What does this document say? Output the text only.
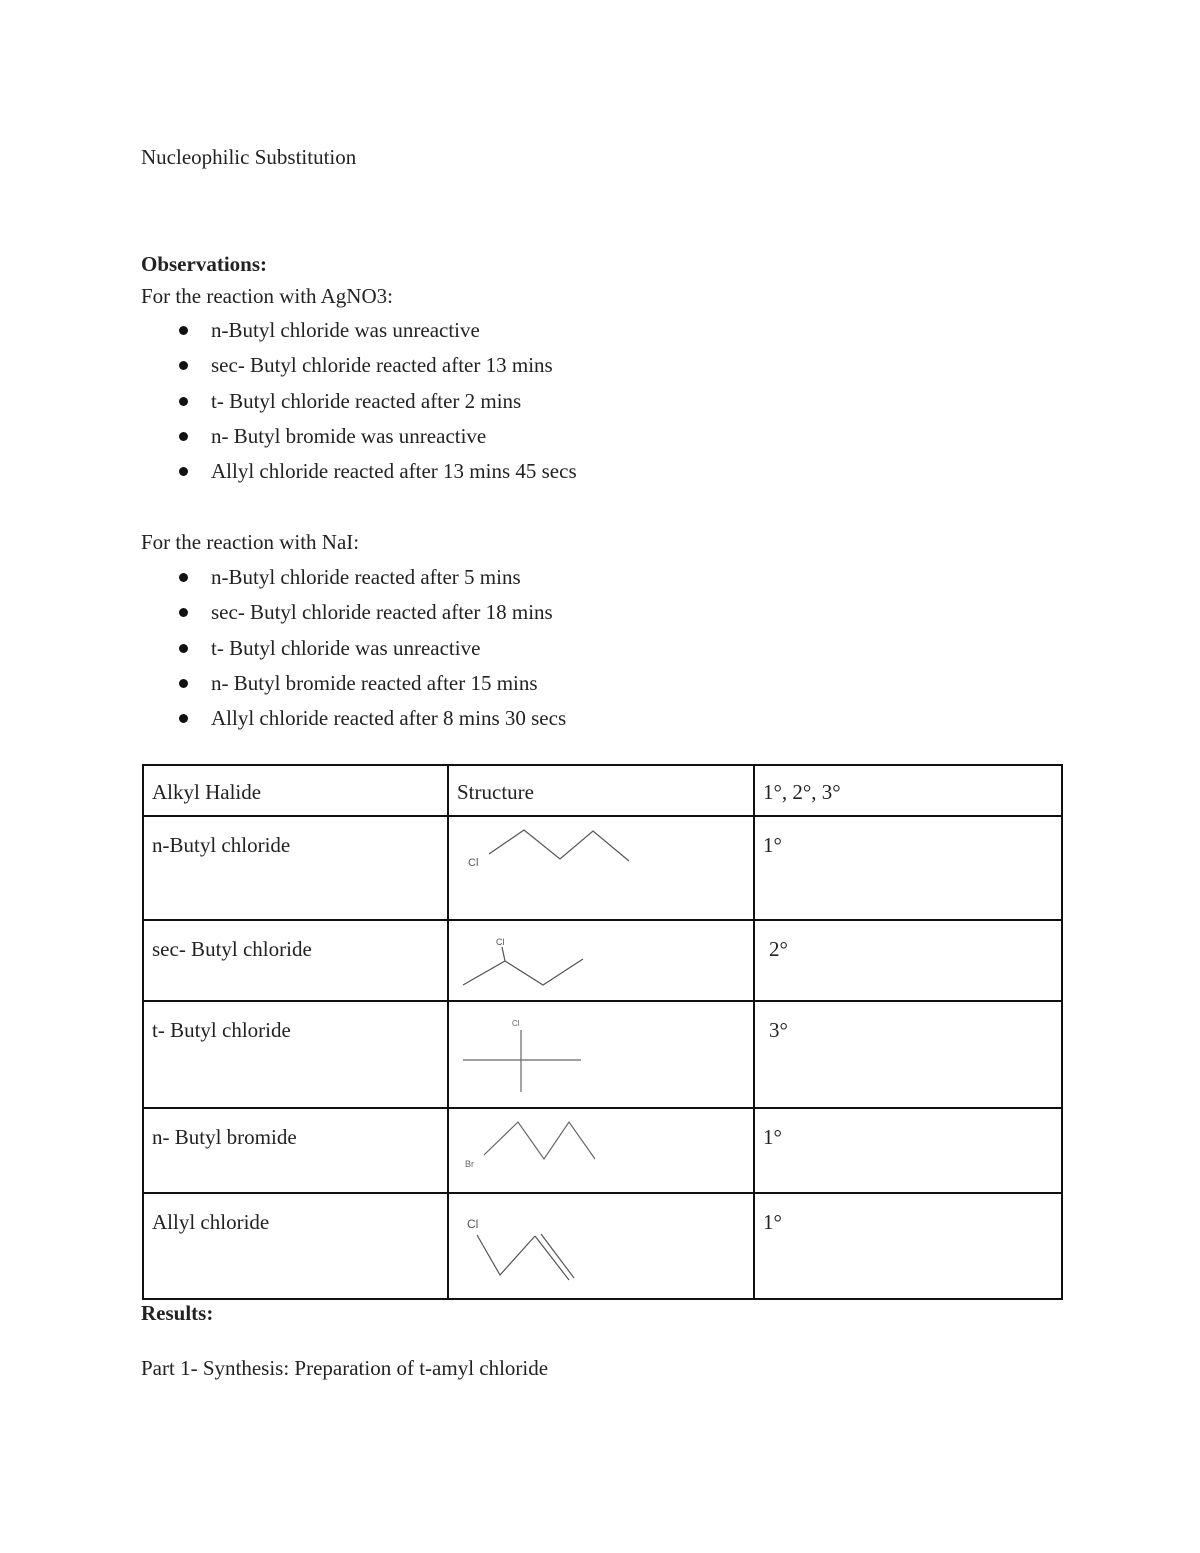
Nucleophilic Substitution
Observations:
For the reaction with AgNO3:
n-Butyl chloride was unreactive
sec- Butyl chloride reacted after 13 mins
t- Butyl chloride reacted after 2 mins
n- Butyl bromide was unreactive
Allyl chloride reacted after 13 mins 45 secs
For the reaction with NaI:
n-Butyl chloride reacted after 5 mins
sec- Butyl chloride reacted after 18 mins
t- Butyl chloride was unreactive
n- Butyl bromide reacted after 15 mins
Allyl chloride reacted after 8 mins 30 secs
Alkyl Halide	Structure	1°, 2°, 3°
n-Butyl chloride	Cl	1°
sec- Butyl chloride	Cl	2°
t- Butyl chloride	Cl	3°
n- Butyl bromide	Br	1°
Allyl chloride	Cl	1°
Results:
Part 1- Synthesis: Preparation of t-amyl chloride
